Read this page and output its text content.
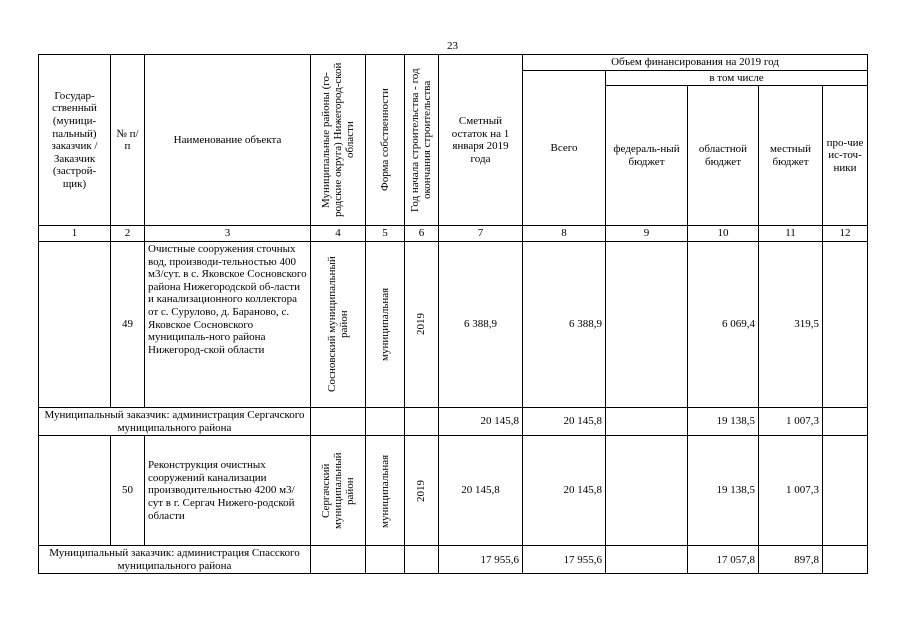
23
Государ-ственный (муници-пальный) заказчик / Заказчик (застрой-щик)	№ п/п	Наименование объекта	Муниципальные районы (го-родские округа) Нижегород-ской области	Форма собственности	Год начала строительства - год окончания строительства	Сметный остаток на 1 января 2019 года	Объем финансирования на 2019 год				
							Всего	в том числе			
								федераль-ный бюджет	областной бюджет	местный бюджет	про-чие ис-точ-ники
1	2	3	4	5	6	7	8	9	10	11	12
	49	Очистные сооружения сточных вод, производи-тельностью 400 м3/сут. в с. Яковское Сосновского района Нижегородской об-ласти и канализационного коллектора от с. Сурулово, д. Бараново, с. Яковское Сосновского муниципаль-ного района Нижегород-ской области	Сосновский муниципальный район	муниципальная	2019	6 388,9	6 388,9		6 069,4	319,5	
Муниципальный заказчик: администрация Сергачского муниципального района						20 145,8	20 145,8		19 138,5	1 007,3	
	50	Реконструкция очистных сооружений канализации производительностью 4200 м3/сут в г. Сергач Нижего-родской области	Сергачский муниципальный район	муниципальная	2019	20 145,8	20 145,8		19 138,5	1 007,3	
Муниципальный заказчик: администрация Спасского муниципального района						17 955,6	17 955,6		17 057,8	897,8	
